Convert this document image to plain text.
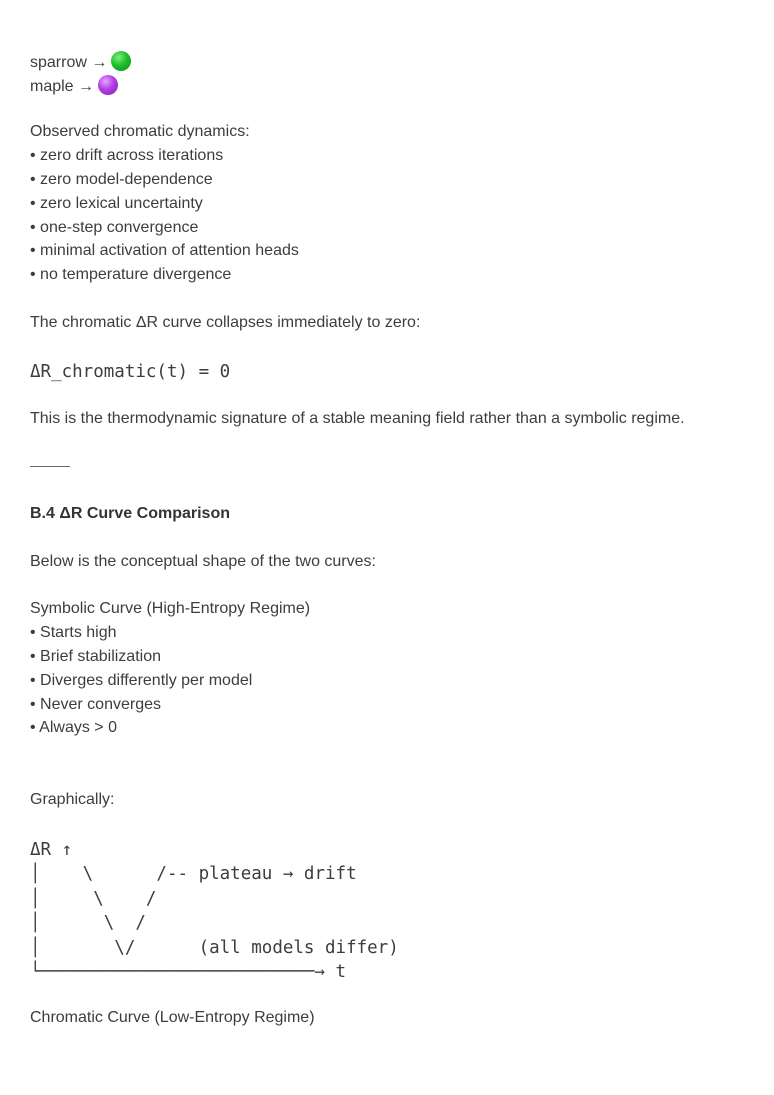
sparrow →
maple →
Observed chromatic dynamics:
• zero drift across iterations
• zero model-dependence
• zero lexical uncertainty
• one-step convergence
• minimal activation of attention heads
• no temperature divergence
The chromatic ΔR curve collapses immediately to zero:
ΔR_chromatic(t) = 0
This is the thermodynamic signature of a stable meaning field rather than a symbolic regime.
B.4 ΔR Curve Comparison
Below is the conceptual shape of the two curves:
Symbolic Curve (High-Entropy Regime)
• Starts high
• Brief stabilization
• Diverges differently per model
• Never converges
• Always > 0
Graphically:
ΔR ↑
│    \      /-- plateau → drift
│     \    /
│      \  /
│       \/      (all models differ)
└──────────────────────────→ t
Chromatic Curve (Low-Entropy Regime)
